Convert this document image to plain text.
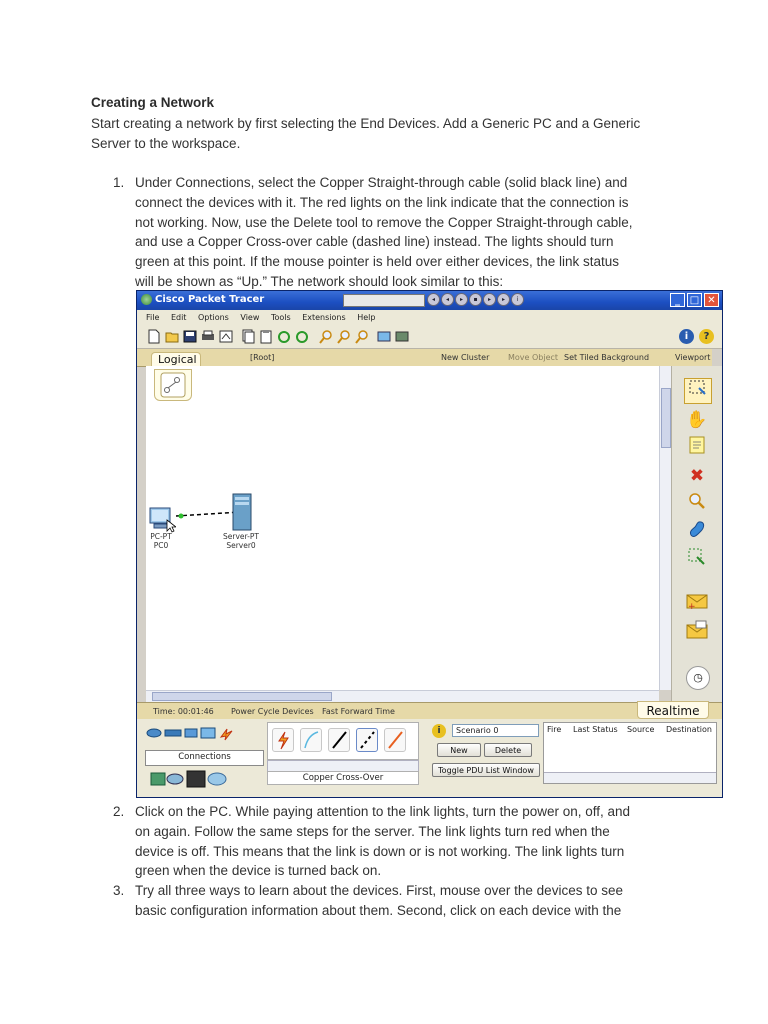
Creating a Network
Start creating a network by first selecting the End Devices. Add a Generic PC and a Generic
Server to the workspace.
1. Under Connections, select the Copper Straight-through cable (solid black line) and
connect the devices with it. The red lights on the link indicate that the connection is
not working. Now, use the Delete tool to remove the Copper Straight-through cable,
and use a Copper Cross-over cable (dashed line) instead. The lights should turn
green at this point. If the mouse pointer is held over either devices, the link status
will be shown as “Up.” The network should look similar to this:
Cisco Packet Tracer	◂	◂	▸	▪	▸	▸	i	_ □ ✕
File Edit Options View Tools Extensions Help
i	?
[Root]	New Cluster Move Object Set Tiled Background	Viewport
Logical
PC-PT
PC0
Server-PT
Server0
✋
✖
+
◷
Time: 00:01:46 Power Cycle Devices Fast Forward Time	Realtime
Connections
Copper Cross-Over
i	Scenario 0
New	Delete
Toggle PDU List Window
Fire Last Status Source Destination
2. Click on the PC. While paying attention to the link lights, turn the power on, off, and
on again. Follow the same steps for the server. The link lights turn red when the
device is off. This means that the link is down or is not working. The link lights turn
green when the device is turned back on.
3. Try all three ways to learn about the devices. First, mouse over the devices to see
basic configuration information about them. Second, click on each device with the
